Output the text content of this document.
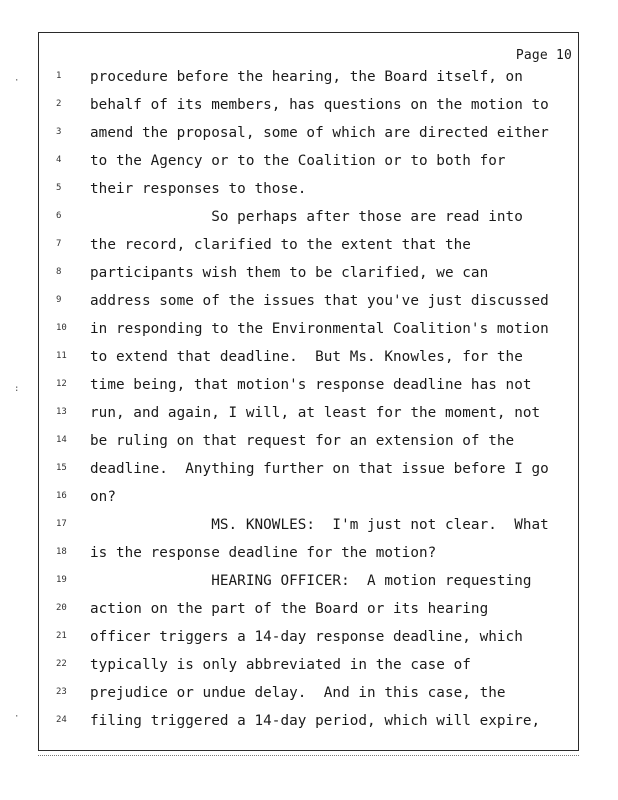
Page 10
·
:
·
1	procedure before the hearing, the Board itself, on
2	behalf of its members, has questions on the motion to
3	amend the proposal, some of which are directed either
4	to the Agency or to the Coalition or to both for
5	their responses to those.
6	So perhaps after those are read into
7	the record, clarified to the extent that the
8	participants wish them to be clarified, we can
9	address some of the issues that you've just discussed
10 in responding to the Environmental Coalition's motion
11 to extend that deadline.  But Ms. Knowles, for the
12 time being, that motion's response deadline has not
13 run, and again, I will, at least for the moment, not
14 be ruling on that request for an extension of the
15 deadline.  Anything further on that issue before I go
16 on?
17 MS. KNOWLES:  I'm just not clear.  What
18 is the response deadline for the motion?
19 HEARING OFFICER:  A motion requesting
20 action on the part of the Board or its hearing
21 officer triggers a 14-day response deadline, which
22 typically is only abbreviated in the case of
23 prejudice or undue delay.  And in this case, the
24 filing triggered a 14-day period, which will expire,
